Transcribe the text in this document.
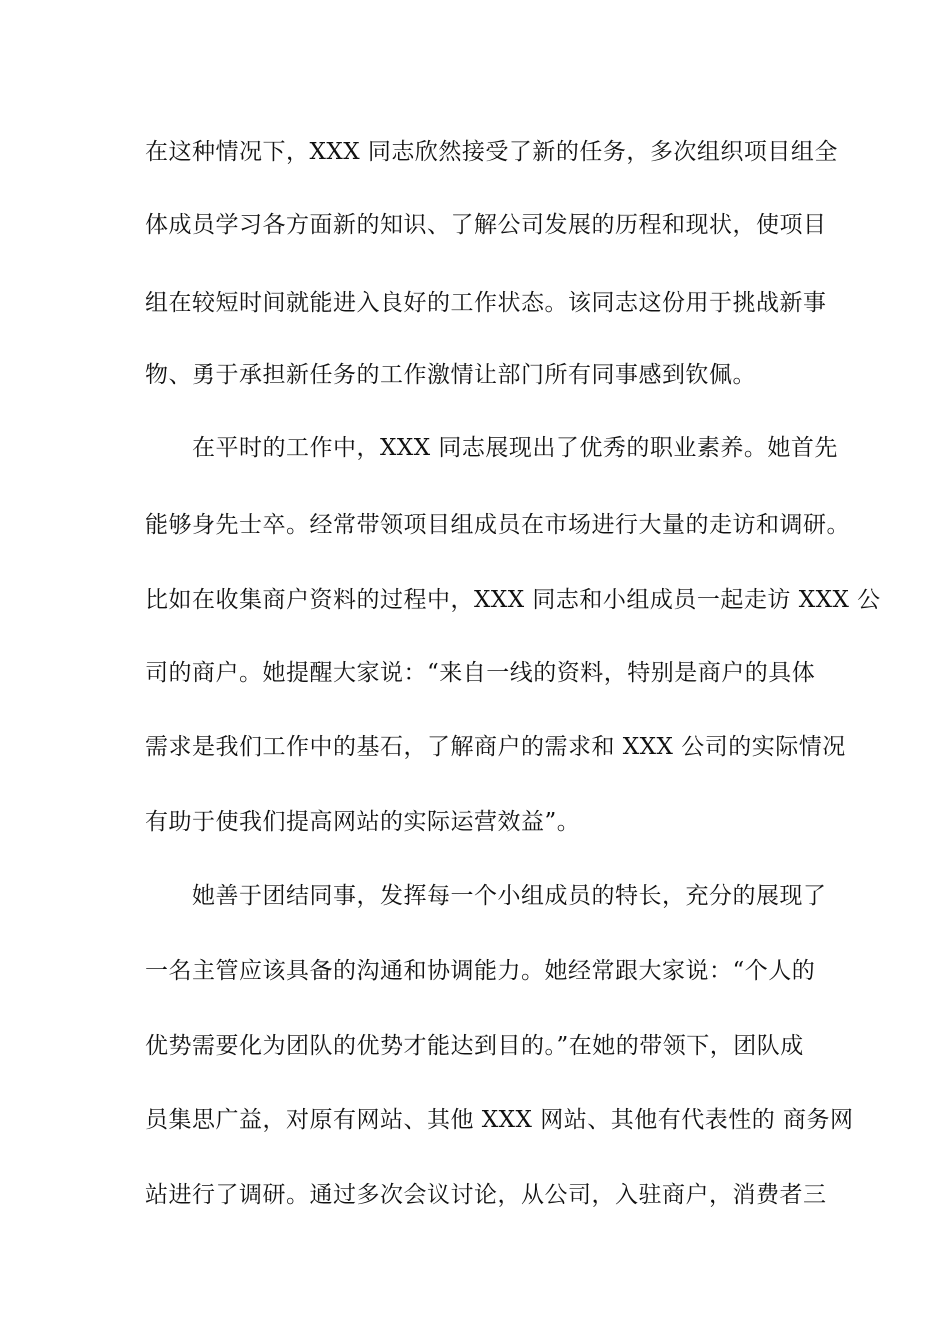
在这种情况下，XXX 同志欣然接受了新的任务，多次组织项目组全
体成员学习各方面新的知识、了解公司发展的历程和现状，使项目
组在较短时间就能进入良好的工作状态。该同志这份用于挑战新事
物、勇于承担新任务的工作激情让部门所有同事感到钦佩。
在平时的工作中，XXX 同志展现出了优秀的职业素养。她首先
能够身先士卒。经常带领项目组成员在市场进行大量的走访和调研。
比如在收集商户资料的过程中，XXX 同志和小组成员一起走访 XXX 公
司的商户。她提醒大家说：“来自一线的资料，特别是商户的具体
需求是我们工作中的基石，了解商户的需求和 XXX 公司的实际情况
有助于使我们提高网站的实际运营效益”。
她善于团结同事，发挥每一个小组成员的特长，充分的展现了
一名主管应该具备的沟通和协调能力。她经常跟大家说：“个人的
优势需要化为团队的优势才能达到目的。”在她的带领下，团队成
员集思广益，对原有网站、其他 XXX 网站、其他有代表性的 商务网
站进行了调研。通过多次会议讨论，从公司，入驻商户，消费者三
